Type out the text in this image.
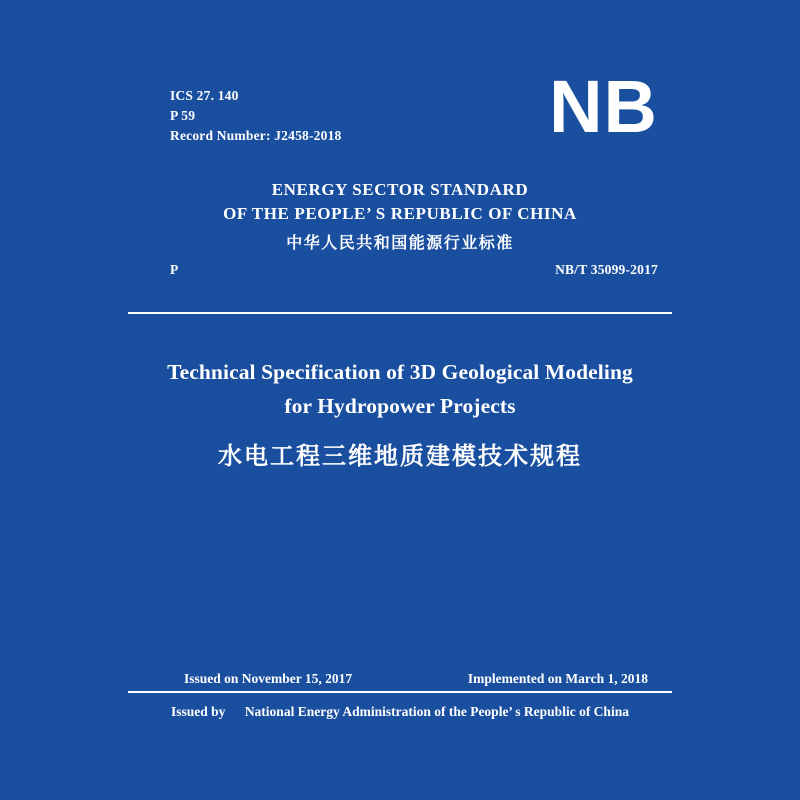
ICS 27. 140
P 59
Record Number: J2458-2018	NB
ENERGY SECTOR STANDARD
OF THE PEOPLE’ S REPUBLIC OF CHINA
中华人民共和国能源行业标准
P	NB/T 35099-2017
Technical Specification of 3D Geological Modeling
for Hydropower Projects
水电工程三维地质建模技术规程
Issued on November 15, 2017	Implemented on March 1, 2018
Issued by National Energy Administration of the People’ s Republic of China
